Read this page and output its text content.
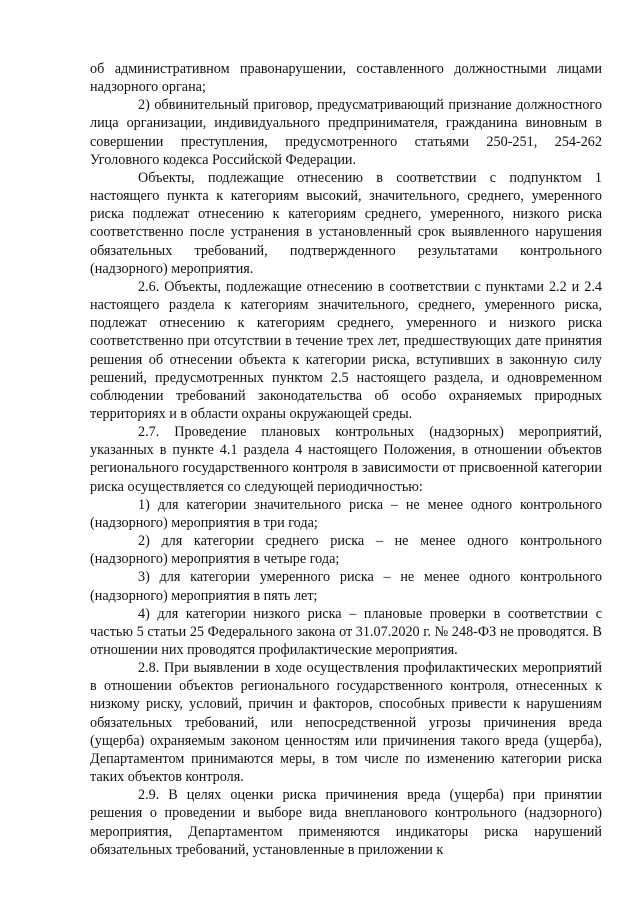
об административном правонарушении, составленного должностными лицами надзорного органа;

2) обвинительный приговор, предусматривающий признание должностного лица организации, индивидуального предпринимателя, гражданина виновным в совершении преступления, предусмотренного статьями 250-251, 254-262 Уголовного кодекса Российской Федерации.

Объекты, подлежащие отнесению в соответствии с подпунктом 1 настоящего пункта к категориям высокий, значительного, среднего, умеренного риска подлежат отнесению к категориям среднего, умеренного, низкого риска соответственно после устранения в установленный срок выявленного нарушения обязательных требований, подтвержденного результатами контрольного (надзорного) мероприятия.

2.6. Объекты, подлежащие отнесению в соответствии с пунктами 2.2 и 2.4 настоящего раздела к категориям значительного, среднего, умеренного риска, подлежат отнесению к категориям среднего, умеренного и низкого риска соответственно при отсутствии в течение трех лет, предшествующих дате принятия решения об отнесении объекта к категории риска, вступивших в законную силу решений, предусмотренных пунктом 2.5 настоящего раздела, и одновременном соблюдении требований законодательства об особо охраняемых природных территориях и в области охраны окружающей среды.

2.7. Проведение плановых контрольных (надзорных) мероприятий, указанных в пункте 4.1 раздела 4 настоящего Положения, в отношении объектов регионального государственного контроля в зависимости от присвоенной категории риска осуществляется со следующей периодичностью:

1) для категории значительного риска – не менее одного контрольного (надзорного) мероприятия в три года;

2) для категории среднего риска – не менее одного контрольного (надзорного) мероприятия в четыре года;

3) для категории умеренного риска – не менее одного контрольного (надзорного) мероприятия в пять лет;

4) для категории низкого риска – плановые проверки в соответствии с частью 5 статьи 25 Федерального закона от 31.07.2020 г. № 248-ФЗ не проводятся. В отношении них проводятся профилактические мероприятия.

2.8. При выявлении в ходе осуществления профилактических мероприятий в отношении объектов регионального государственного контроля, отнесенных к низкому риску, условий, причин и факторов, способных привести к нарушениям обязательных требований, или непосредственной угрозы причинения вреда (ущерба) охраняемым законом ценностям или причинения такого вреда (ущерба), Департаментом принимаются меры, в том числе по изменению категории риска таких объектов контроля.

2.9. В целях оценки риска причинения вреда (ущерба) при принятии решения о проведении и выборе вида внепланового контрольного (надзорного) мероприятия, Департаментом применяются индикаторы риска нарушений обязательных требований, установленные в приложении к
